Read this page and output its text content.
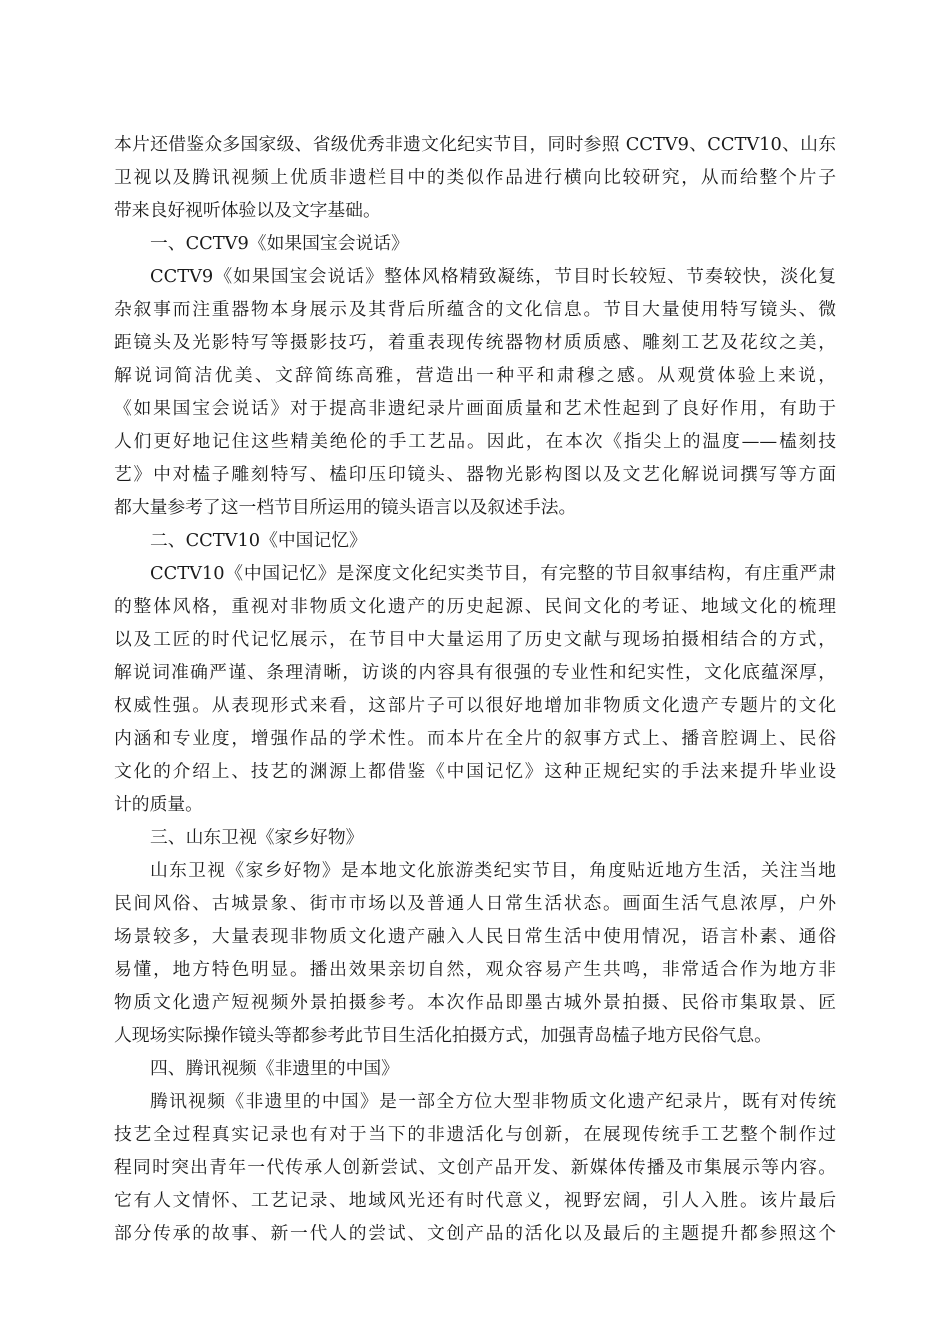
本片还借鉴众多国家级、省级优秀非遗文化纪实节目，同时参照 CCTV9、CCTV10、山东
卫视以及腾讯视频上优质非遗栏目中的类似作品进行横向比较研究，从而给整个片子
带来良好视听体验以及文字基础。
一、CCTV9《如果国宝会说话》
CCTV9《如果国宝会说话》整体风格精致凝练，节目时长较短、节奏较快，淡化复
杂叙事而注重器物本身展示及其背后所蕴含的文化信息。节目大量使用特写镜头、微
距镜头及光影特写等摄影技巧，着重表现传统器物材质质感、雕刻工艺及花纹之美，
解说词简洁优美、文辞简练高雅，营造出一种平和肃穆之感。从观赏体验上来说，
《如果国宝会说话》对于提高非遗纪录片画面质量和艺术性起到了良好作用，有助于
人们更好地记住这些精美绝伦的手工艺品。因此，在本次《指尖上的温度——榼刻技
艺》中对榼子雕刻特写、榼印压印镜头、器物光影构图以及文艺化解说词撰写等方面
都大量参考了这一档节目所运用的镜头语言以及叙述手法。
二、CCTV10《中国记忆》
CCTV10《中国记忆》是深度文化纪实类节目，有完整的节目叙事结构，有庄重严肃
的整体风格，重视对非物质文化遗产的历史起源、民间文化的考证、地域文化的梳理
以及工匠的时代记忆展示，在节目中大量运用了历史文献与现场拍摄相结合的方式，
解说词准确严谨、条理清晰，访谈的内容具有很强的专业性和纪实性，文化底蕴深厚，
权威性强。从表现形式来看，这部片子可以很好地增加非物质文化遗产专题片的文化
内涵和专业度，增强作品的学术性。而本片在全片的叙事方式上、播音腔调上、民俗
文化的介绍上、技艺的渊源上都借鉴《中国记忆》这种正规纪实的手法来提升毕业设
计的质量。
三、山东卫视《家乡好物》
山东卫视《家乡好物》是本地文化旅游类纪实节目，角度贴近地方生活，关注当地
民间风俗、古城景象、街市市场以及普通人日常生活状态。画面生活气息浓厚，户外
场景较多，大量表现非物质文化遗产融入人民日常生活中使用情况，语言朴素、通俗
易懂，地方特色明显。播出效果亲切自然，观众容易产生共鸣，非常适合作为地方非
物质文化遗产短视频外景拍摄参考。本次作品即墨古城外景拍摄、民俗市集取景、匠
人现场实际操作镜头等都参考此节目生活化拍摄方式，加强青岛榼子地方民俗气息。
四、腾讯视频《非遗里的中国》
腾讯视频《非遗里的中国》是一部全方位大型非物质文化遗产纪录片，既有对传统
技艺全过程真实记录也有对于当下的非遗活化与创新，在展现传统手工艺整个制作过
程同时突出青年一代传承人创新尝试、文创产品开发、新媒体传播及市集展示等内容。
它有人文情怀、工艺记录、地域风光还有时代意义，视野宏阔，引人入胜。该片最后
部分传承的故事、新一代人的尝试、文创产品的活化以及最后的主题提升都参照这个
